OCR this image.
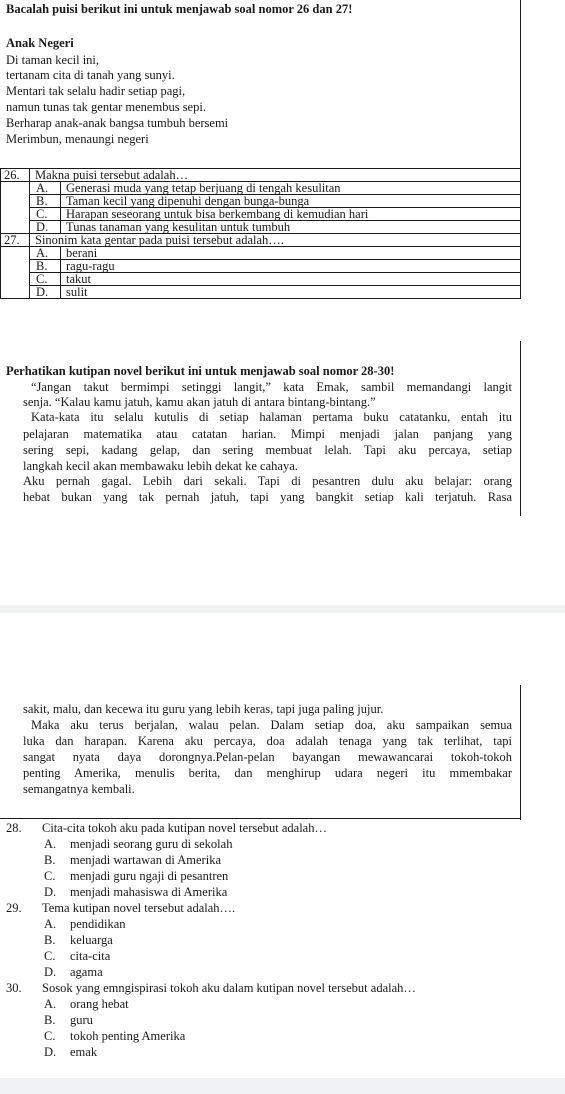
Bacalah puisi berikut ini untuk menjawab soal nomor 26 dan 27!
Anak Negeri
Di taman kecil ini,
tertanam cita di tanah yang sunyi.
Mentari tak selalu hadir setiap pagi,
namun tunas tak gentar menembus sepi.
Berharap anak-anak bangsa tumbuh bersemi
Merimbun, menaungi negeri
26.	Makna puisi tersebut adalah…	
	A.	Generasi muda yang tetap berjuang di tengah kesulitan
	B.	Taman kecil yang dipenuhi dengan bunga-bunga
	C.	Harapan seseorang untuk bisa berkembang di kemudian hari
	D.	Tunas tanaman yang kesulitan untuk tumbuh
27.	Sinonim kata gentar pada puisi tersebut adalah….	
	A.	berani
	B.	ragu-ragu
	C.	takut
	D.	sulit
Perhatikan kutipan novel berikut ini untuk menjawab soal nomor 28-30!
“Jangan takut bermimpi setinggi langit,” kata Emak, sambil memandangi langit
senja. “Kalau kamu jatuh, kamu akan jatuh di antara bintang-bintang.”
Kata-kata itu selalu kutulis di setiap halaman pertama buku catatanku, entah itu
pelajaran matematika atau catatan harian. Mimpi menjadi jalan panjang yang
sering sepi, kadang gelap, dan sering membuat lelah. Tapi aku percaya, setiap
langkah kecil akan membawaku lebih dekat ke cahaya.
Aku pernah gagal. Lebih dari sekali. Tapi di pesantren dulu aku belajar: orang
hebat bukan yang tak pernah jatuh, tapi yang bangkit setiap kali terjatuh. Rasa
sakit, malu, dan kecewa itu guru yang lebih keras, tapi juga paling jujur.
Maka aku terus berjalan, walau pelan. Dalam setiap doa, aku sampaikan semua
luka dan harapan. Karena aku percaya, doa adalah tenaga yang tak terlihat, tapi
sangat nyata daya dorongnya.Pelan-pelan bayangan mewawancarai tokoh-tokoh
penting Amerika, menulis berita, dan menghirup udara negeri itu mmembakar
semangatnya kembali.
28. Cita-cita tokoh aku pada kutipan novel tersebut adalah…
A. menjadi seorang guru di sekolah
B. menjadi wartawan di Amerika
C. menjadi guru ngaji di pesantren
D. menjadi mahasiswa di Amerika
29. Tema kutipan novel tersebut adalah….
A. pendidikan
B. keluarga
C. cita-cita
D. agama
30. Sosok yang emngispirasi tokoh aku dalam kutipan novel tersebut adalah…
A. orang hebat
B. guru
C. tokoh penting Amerika
D. emak
